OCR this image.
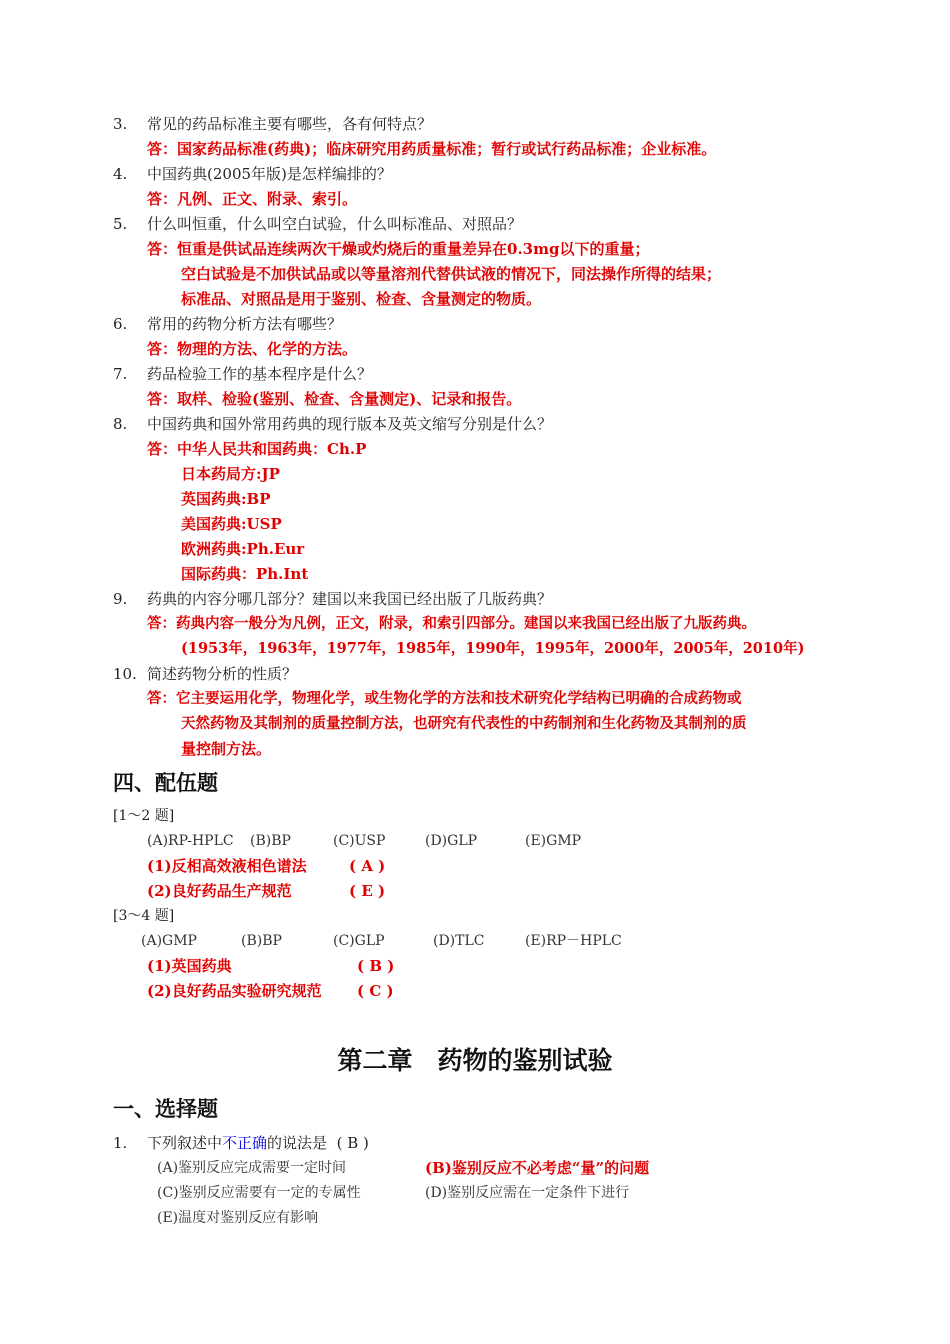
3. 常见的药品标准主要有哪些，各有何特点？
答：国家药品标准(药典)；临床研究用药质量标准；暂行或试行药品标准；企业标准。
4. 中国药典(2005年版)是怎样编排的？
答：凡例、正文、附录、索引。
5. 什么叫恒重，什么叫空白试验，什么叫标准品、对照品？
答：恒重是供试品连续两次干燥或灼烧后的重量差异在0.3mg以下的重量；
空白试验是不加供试品或以等量溶剂代替供试液的情况下，同法操作所得的结果；
标准品、对照品是用于鉴别、检查、含量测定的物质。
6. 常用的药物分析方法有哪些？
答：物理的方法、化学的方法。
7. 药品检验工作的基本程序是什么？
答：取样、检验(鉴别、检查、含量测定)、记录和报告。
8. 中国药典和国外常用药典的现行版本及英文缩写分别是什么？
答：中华人民共和国药典：Ch.P
日本药局方:JP
英国药典:BP
美国药典:USP
欧洲药典:Ph.Eur
国际药典：Ph.Int
9. 药典的内容分哪几部分？建国以来我国已经出版了几版药典？
答：药典内容一般分为凡例，正文，附录，和索引四部分。建国以来我国已经出版了九版药典。
(1953年，1963年，1977年，1985年，1990年，1995年，2000年，2005年，2010年)
10. 简述药物分析的性质？
答：它主要运用化学，物理化学，或生物化学的方法和技术研究化学结构已明确的合成药物或
天然药物及其制剂的质量控制方法，也研究有代表性的中药制剂和生化药物及其制剂的质
量控制方法。
四、配伍题
[1～2 题]
(A)RP-HPLC (B)BP	(C)USP	(D)GLP	(E)GMP
(1)反相高效液相色谱法	( A )
(2)良好药品生产规范	( E )
[3～4 题]
(A)GMP	(B)BP	(C)GLP	(D)TLC	(E)RP－HPLC
(1)英国药典	( B )
(2)良好药品实验研究规范 ( C )
第二章　药物的鉴别试验
一、选择题
1. 下列叙述中不正确的说法是 ( B )
(A)鉴别反应完成需要一定时间	(B)鉴别反应不必考虑“量”的问题
(C)鉴别反应需要有一定的专属性	(D)鉴别反应需在一定条件下进行
(E)温度对鉴别反应有影响
